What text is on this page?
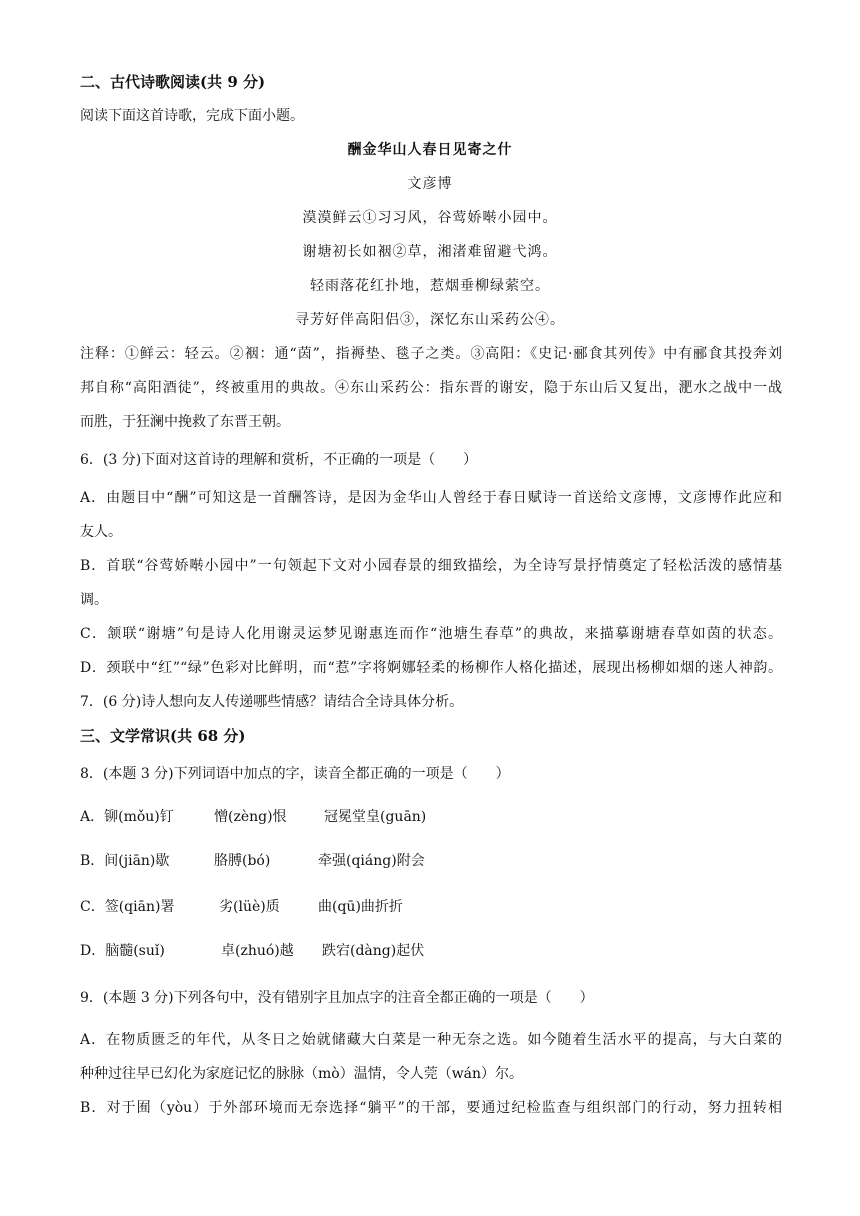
二、古代诗歌阅读(共 9 分)
阅读下面这首诗歌，完成下面小题。
酬金华山人春日见寄之什
文彦博
漠漠鲜云①习习风，谷莺娇啭小园中。
谢塘初长如裀②草，湘渚难留避弋鸿。
轻雨落花红扑地，惹烟垂柳绿萦空。
寻芳好伴高阳侣③，深忆东山采药公④。
注释：①鲜云：轻云。②裀：通“茵”，指褥垫、毯子之类。③高阳：《史记·郦食其列传》中有郦食其投奔刘
邦自称“高阳酒徒”，终被重用的典故。④东山采药公：指东晋的谢安，隐于东山后又复出，淝水之战中一战
而胜，于狂澜中挽救了东晋王朝。
6．(3 分)下面对这首诗的理解和赏析，不正确的一项是（　　）
A．由题目中“酬”可知这是一首酬答诗，是因为金华山人曾经于春日赋诗一首送给文彦博，文彦博作此应和
友人。
B．首联“谷莺娇啭小园中”一句领起下文对小园春景的细致描绘，为全诗写景抒情奠定了轻松活泼的感情基
调。
C．颔联“谢塘”句是诗人化用谢灵运梦见谢惠连而作“池塘生春草”的典故，来描摹谢塘春草如茵的状态。
D．颈联中“红”“绿”色彩对比鲜明，而“惹”字将婀娜轻柔的杨柳作人格化描述，展现出杨柳如烟的迷人神韵。
7．(6 分)诗人想向友人传递哪些情感？请结合全诗具体分析。
三、文学常识(共 68 分)
8．(本题 3 分)下列词语中加点的字，读音全都正确的一项是（　　）
A．铆(mǒu)钉	憎(zèng)恨	冠冕堂皇(guān)
B．间(jiān)歇	胳膊(bó)	牵强(qiáng)附会
C．签(qiān)署	劣(lüè)质	曲(qū)曲折折
D．脑髓(suǐ)	卓(zhuó)越 跌宕(dàng)起伏
9．(本题 3 分)下列各句中，没有错别字且加点字的注音全都正确的一项是（　　）
A．在物质匮乏的年代，从冬日之始就储藏大白菜是一种无奈之选。如今随着生活水平的提高，与大白菜的
种种过往早已幻化为家庭记忆的脉脉（mò）温情，令人莞（wán）尔。
B．对于囿（yòu）于外部环境而无奈选择“躺平”的干部，要通过纪检监查与组织部门的行动，努力扭转相
